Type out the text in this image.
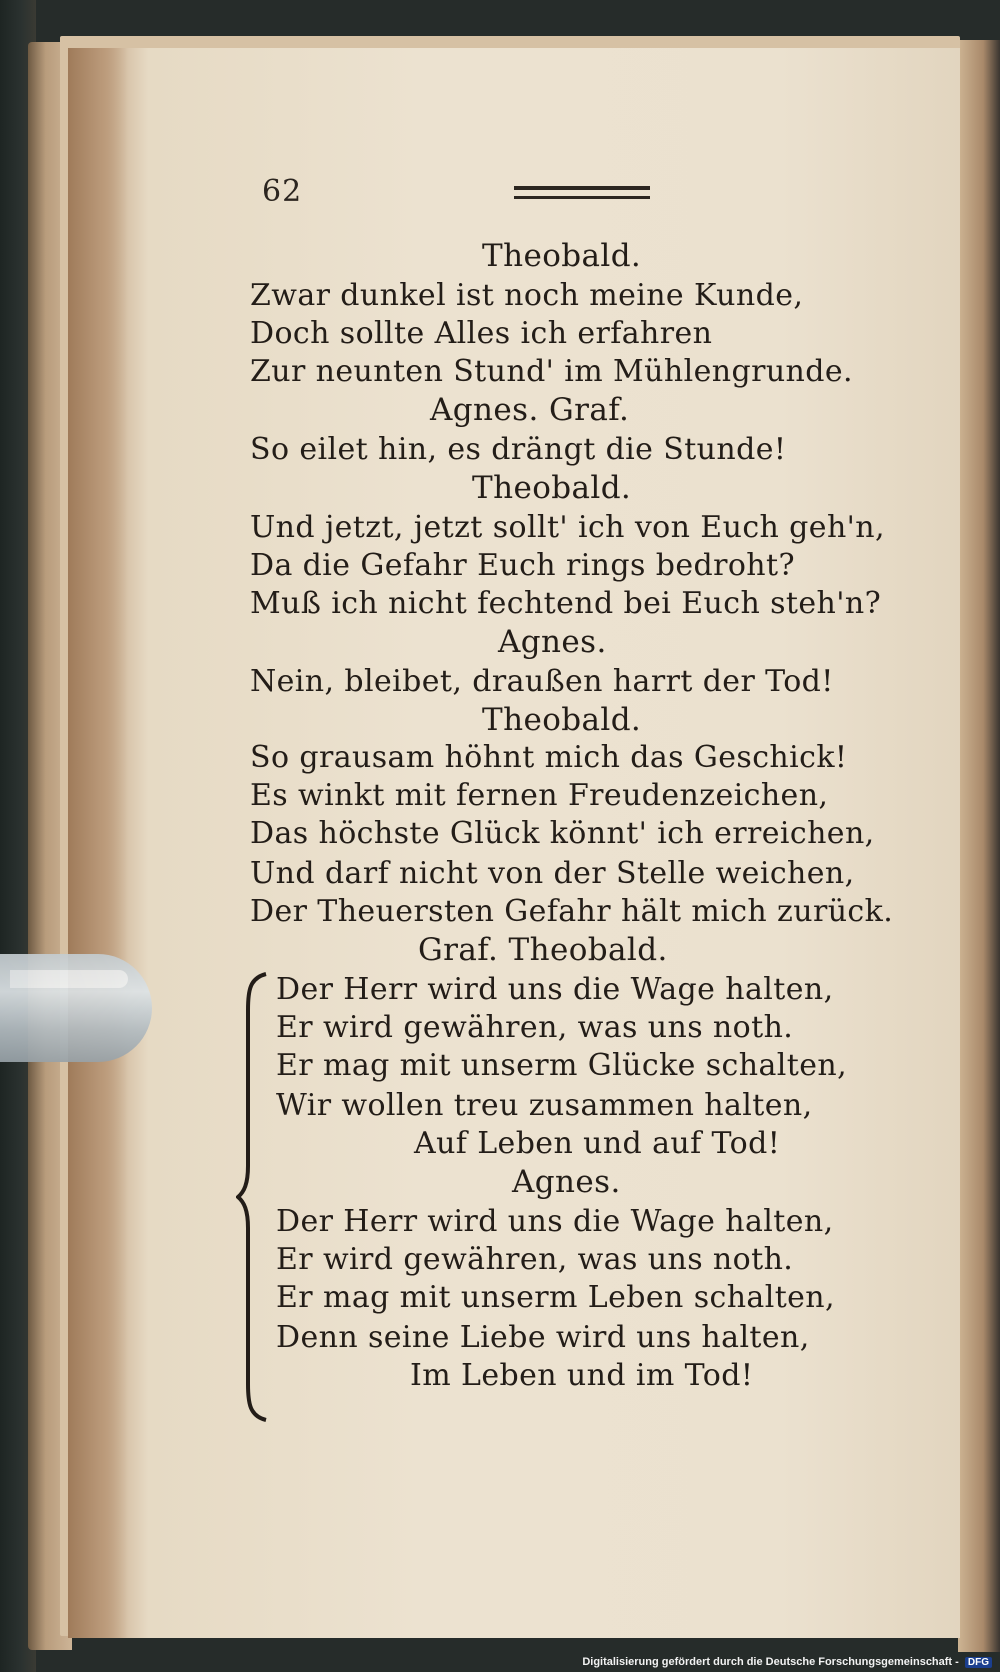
62
Theobald.
Zwar dunkel ist noch meine Kunde,
Doch sollte Alles ich erfahren
Zur neunten Stund' im Mühlengrunde.
Agnes. Graf.
So eilet hin, es drängt die Stunde!
Theobald.
Und jetzt, jetzt sollt' ich von Euch geh'n,
Da die Gefahr Euch rings bedroht?
Muß ich nicht fechtend bei Euch steh'n?
Agnes.
Nein, bleibet, draußen harrt der Tod!
Theobald.
So grausam höhnt mich das Geschick!
Es winkt mit fernen Freudenzeichen,
Das höchste Glück könnt' ich erreichen,
Und darf nicht von der Stelle weichen,
Der Theuersten Gefahr hält mich zurück.
Graf. Theobald.
Der Herr wird uns die Wage halten,
Er wird gewähren, was uns noth.
Er mag mit unserm Glücke schalten,
Wir wollen treu zusammen halten,
Auf Leben und auf Tod!
Agnes.
Der Herr wird uns die Wage halten,
Er wird gewähren, was uns noth.
Er mag mit unserm Leben schalten,
Denn seine Liebe wird uns halten,
Im Leben und im Tod!
Digitalisierung gefördert durch die Deutsche Forschungsgemeinschaft - DFG
